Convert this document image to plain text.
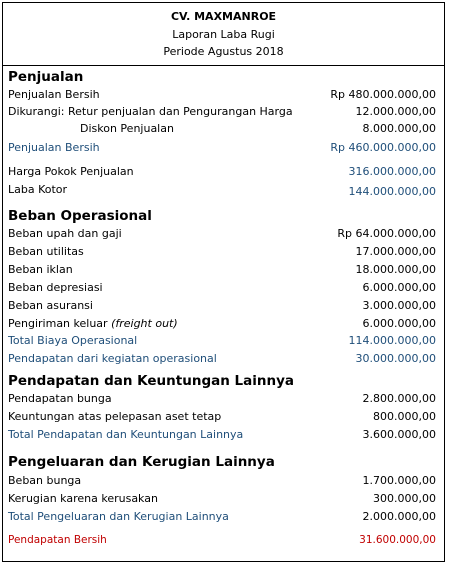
CV. MAXMANROE
Laporan Laba Rugi
Periode Agustus 2018
Penjualan
Penjualan Bersih	Rp 480.000.000,00
Dikurangi: Retur penjualan dan Pengurangan Harga	12.000.000,00
Diskon Penjualan	8.000.000,00
Penjualan Bersih	Rp 460.000.000,00
Harga Pokok Penjualan	316.000.000,00
Laba Kotor	144.000.000,00
Beban Operasional
Beban upah dan gaji	Rp 64.000.000,00
Beban utilitas	17.000.000,00
Beban iklan	18.000.000,00
Beban depresiasi	6.000.000,00
Beban asuransi	3.000.000,00
Pengiriman keluar (freight out)	6.000.000,00
Total Biaya Operasional	114.000.000,00
Pendapatan dari kegiatan operasional	30.000.000,00
Pendapatan dan Keuntungan Lainnya
Pendapatan bunga	2.800.000,00
Keuntungan atas pelepasan aset tetap	800.000,00
Total Pendapatan dan Keuntungan Lainnya	3.600.000,00
Pengeluaran dan Kerugian Lainnya
Beban bunga	1.700.000,00
Kerugian karena kerusakan	300.000,00
Total Pengeluaran dan Kerugian Lainnya	2.000.000,00
Pendapatan Bersih	31.600.000,00
